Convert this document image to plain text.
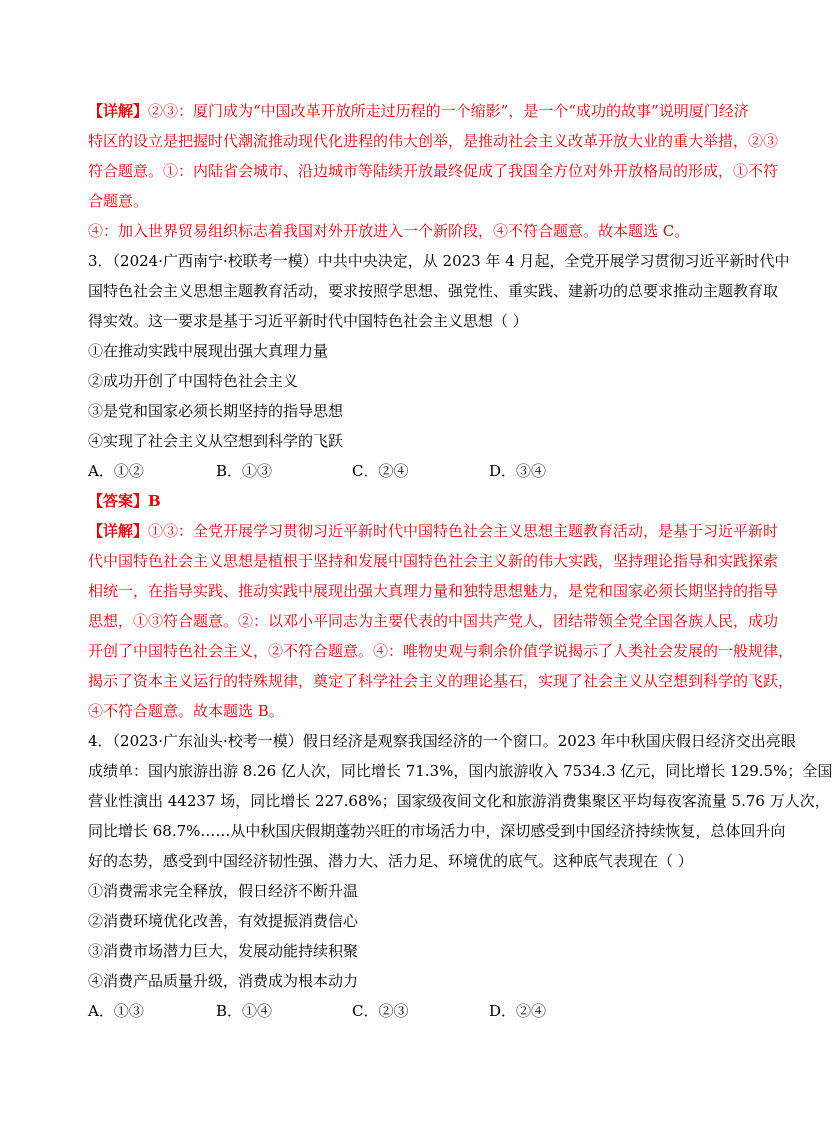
【详解】②③：厦门成为“中国改革开放所走过历程的一个缩影”，是一个“成功的故事”说明厦门经济
特区的设立是把握时代潮流推动现代化进程的伟大创举，是推动社会主义改革开放大业的重大举措，②③
符合题意。①：内陆省会城市、沿边城市等陆续开放最终促成了我国全方位对外开放格局的形成，①不符
合题意。
④：加入世界贸易组织标志着我国对外开放进入一个新阶段，④不符合题意。故本题选 C。
3．（2024·广西南宁·校联考一模）中共中央决定，从 2023 年 4 月起，全党开展学习贯彻习近平新时代中
国特色社会主义思想主题教育活动，要求按照学思想、强党性、重实践、建新功的总要求推动主题教育取
得实效。这一要求是基于习近平新时代中国特色社会主义思想（ ）
①在推动实践中展现出强大真理力量
②成功开创了中国特色社会主义
③是党和国家必须长期坚持的指导思想
④实现了社会主义从空想到科学的飞跃
A．①②	B．①③	C．②④	D．③④
【答案】B
【详解】①③：全党开展学习贯彻习近平新时代中国特色社会主义思想主题教育活动，是基于习近平新时
代中国特色社会主义思想是植根于坚持和发展中国特色社会主义新的伟大实践，坚持理论指导和实践探索
相统一，在指导实践、推动实践中展现出强大真理力量和独特思想魅力，是党和国家必须长期坚持的指导
思想，①③符合题意。②：以邓小平同志为主要代表的中国共产党人，团结带领全党全国各族人民，成功
开创了中国特色社会主义，②不符合题意。④：唯物史观与剩余价值学说揭示了人类社会发展的一般规律，
揭示了资本主义运行的特殊规律，奠定了科学社会主义的理论基石，实现了社会主义从空想到科学的飞跃，
④不符合题意。故本题选 B。
4．（2023·广东汕头·校考一模）假日经济是观察我国经济的一个窗口。2023 年中秋国庆假日经济交出亮眼
成绩单：国内旅游出游 8.26 亿人次，同比增长 71.3%，国内旅游收入 7534.3 亿元，同比增长 129.5%；全国
营业性演出 44237 场，同比增长 227.68%；国家级夜间文化和旅游消费集聚区平均每夜客流量 5.76 万人次，
同比增长 68.7%……从中秋国庆假期蓬勃兴旺的市场活力中，深切感受到中国经济持续恢复，总体回升向
好的态势，感受到中国经济韧性强、潜力大、活力足、环境优的底气。这种底气表现在（ ）
①消费需求完全释放，假日经济不断升温
②消费环境优化改善，有效提振消费信心
③消费市场潜力巨大，发展动能持续积聚
④消费产品质量升级，消费成为根本动力
A．①③	B．①④	C．②③	D．②④
